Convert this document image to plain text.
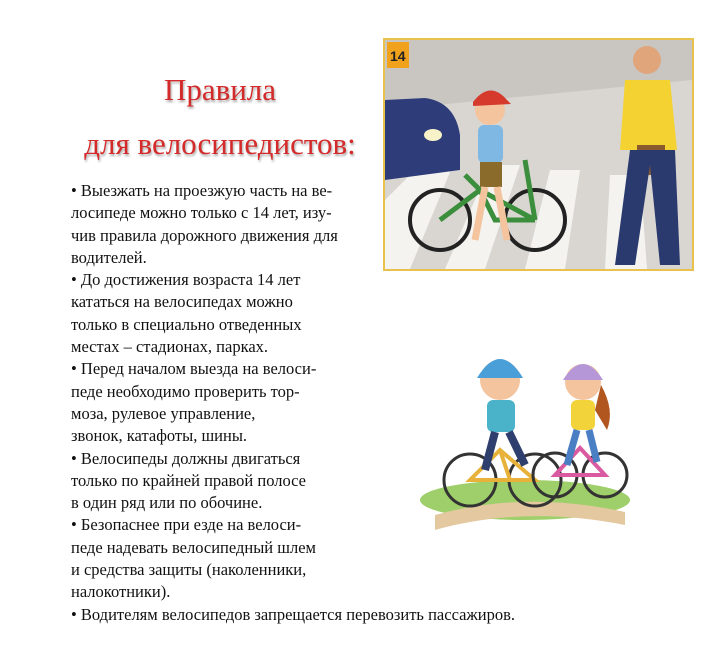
Правила
для велосипедистов:
• Выезжать на проезжую часть на ве-
лосипеде можно только с 14 лет, изу-
чив правила дорожного движения для
водителей.
• До достижения возраста 14 лет
кататься на велосипедах можно
только в специально отведенных
местах – стадионах, парках.
• Перед началом выезда на велоси-
педе необходимо проверить тор-
моза, рулевое управление,
звонок, катафоты, шины.
• Велосипеды должны двигаться
только по крайней правой полосе
в один ряд или по обочине.
• Безопаснее при езде на велоси-
педе надевать велосипедный шлем
и средства защиты (наколенники,
налокотники).
• Водителям велосипедов запрещается перевозить пассажиров.
14
